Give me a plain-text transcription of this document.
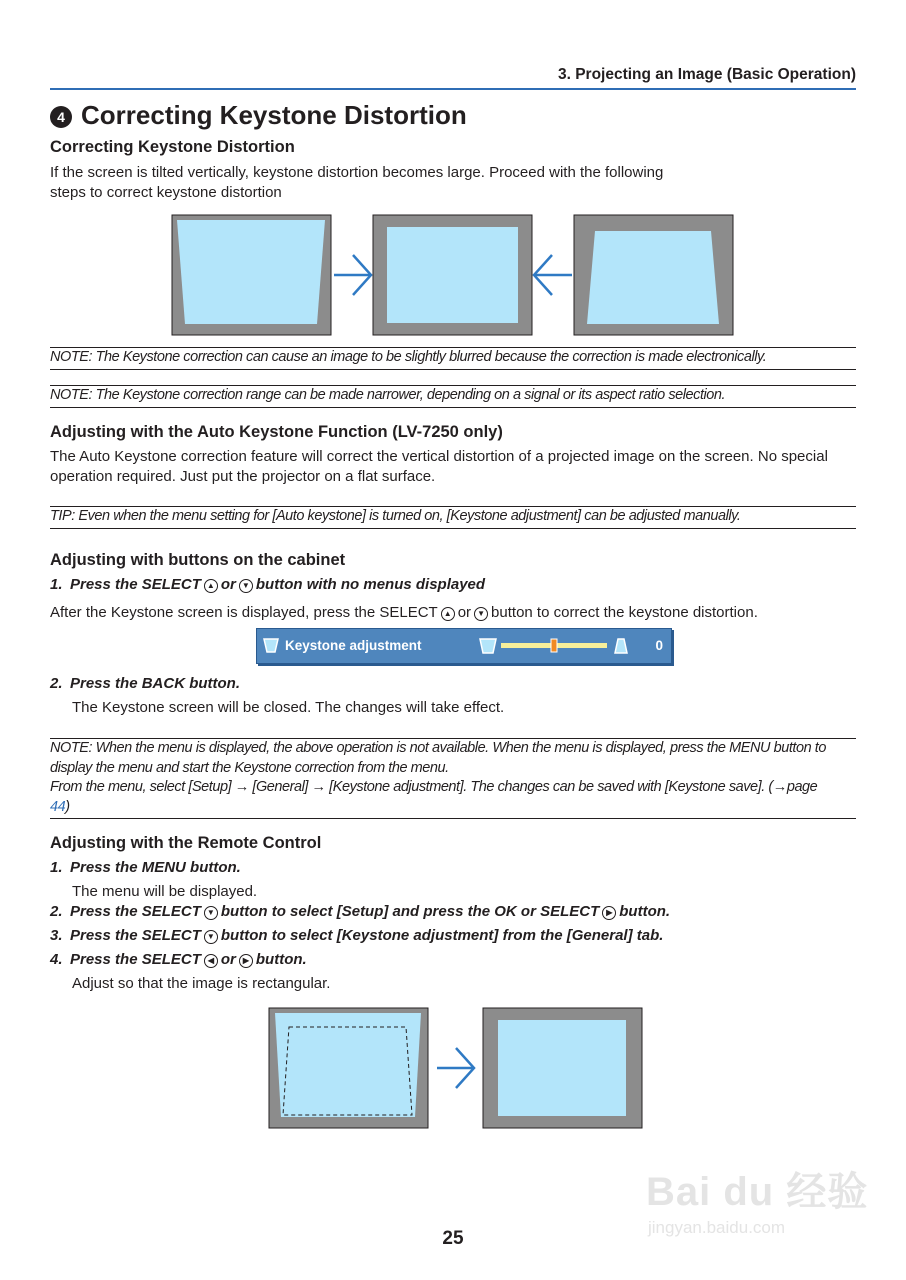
3. Projecting an Image (Basic Operation)
4 Correcting Keystone Distortion
Correcting Keystone Distortion
If the screen is tilted vertically, keystone distortion becomes large. Proceed with the following
steps to correct keystone distortion
NOTE: The Keystone correction can cause an image to be slightly blurred because the correction is made electronically.
NOTE: The Keystone correction range can be made narrower, depending on a signal or its aspect ratio selection.
Adjusting with the Auto Keystone Function (LV-7250 only)
The Auto Keystone correction feature will correct the vertical distortion of a projected image on the screen. No special
operation required. Just put the projector on a flat surface.
TIP: Even when the menu setting for [Auto keystone] is turned on, [Keystone adjustment] can be adjusted manually.
Adjusting with buttons on the cabinet
1. Press the SELECT ▲ or ▼ button with no menus displayed
After the Keystone screen is displayed, press the SELECT ▲ or ▼ button to correct the keystone distortion.
Keystone adjustment	0
2. Press the BACK button.
The Keystone screen will be closed. The changes will take effect.
NOTE: When the menu is displayed, the above operation is not available. When the menu is displayed, press the MENU button to
display the menu and start the Keystone correction from the menu.
From the menu, select [Setup] → [General] → [Keystone adjustment]. The changes can be saved with [Keystone save]. (→page
44)
Adjusting with the Remote Control
1. Press the MENU button.
The menu will be displayed.
2. Press the SELECT ▼ button to select [Setup] and press the OK or SELECT ▶ button.
3. Press the SELECT ▼ button to select [Keystone adjustment] from the [General] tab.
4. Press the SELECT ◀ or ▶ button.
Adjust so that the image is rectangular.
Bai du 经验
jingyan.baidu.com
25
